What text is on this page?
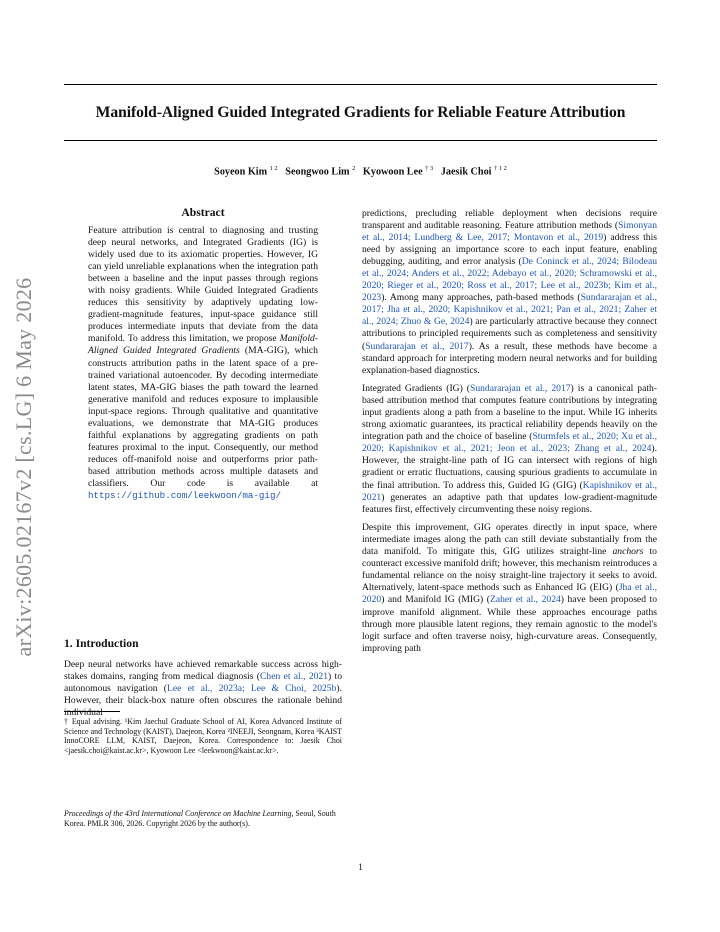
arXiv:2605.02167v2 [cs.LG] 6 May 2026
Manifold-Aligned Guided Integrated Gradients for Reliable Feature Attribution
Soyeon Kim $^{1 2}$ Seongwoo Lim $^2$ Kyowoon Lee $^{\dagger 3}$ Jaesik Choi $^{\dagger 1 2}$
Abstract
Feature attribution is central to diagnosing and trusting deep neural networks, and Integrated Gradients (IG) is widely used due to its axiomatic properties. However, IG can yield unreliable explanations when the integration path between a baseline and the input passes through regions with noisy gradients. While Guided Integrated Gradients reduces this sensitivity by adaptively updating low-gradient-magnitude features, input-space guidance still produces intermediate inputs that deviate from the data manifold. To address this limitation, we propose Manifold-Aligned Guided Integrated Gradients (MA-GIG), which constructs attribution paths in the latent space of a pre-trained variational autoencoder. By decoding intermediate latent states, MA-GIG biases the path toward the learned generative manifold and reduces exposure to implausible input-space regions. Through qualitative and quantitative evaluations, we demonstrate that MA-GIG produces faithful explanations by aggregating gradients on path features proximal to the input. Consequently, our method reduces off-manifold noise and outperforms prior path-based attribution methods across multiple datasets and classifiers. Our code is available at https://github.com/leekwoon/ma-gig/
1. Introduction
Deep neural networks have achieved remarkable success across high-stakes domains, ranging from medical diagnosis (Chen et al., 2021) to autonomous navigation (Lee et al., 2023a; Lee & Choi, 2025b). However, their black-box nature often obscures the rationale behind individual
† Equal advising. ¹Kim Jaechul Graduate School of AI, Korea Advanced Institute of Science and Technology (KAIST), Daejeon, Korea ²INEEJI, Seongnam, Korea ³KAIST InnoCORE LLM, KAIST, Daejeon, Korea. Correspondence to: Jaesik Choi <jaesik.choi@kaist.ac.kr>, Kyowoon Lee <leekwoon@kaist.ac.kr>.
Proceedings of the 43rd International Conference on Machine Learning, Seoul, South Korea. PMLR 306, 2026. Copyright 2026 by the author(s).

predictions, precluding reliable deployment when decisions require transparent and auditable reasoning. Feature attribution methods (Simonyan et al., 2014; Lundberg & Lee, 2017; Montavon et al., 2019) address this need by assigning an importance score to each input feature, enabling debugging, auditing, and error analysis (De Coninck et al., 2024; Bilodeau et al., 2024; Anders et al., 2022; Adebayo et al., 2020; Schramowski et al., 2020; Rieger et al., 2020; Ross et al., 2017; Lee et al., 2023b; Kim et al., 2023). Among many approaches, path-based methods (Sundararajan et al., 2017; Jha et al., 2020; Kapishnikov et al., 2021; Pan et al., 2021; Zaher et al., 2024; Zhuo & Ge, 2024) are particularly attractive because they connect attributions to principled requirements such as completeness and sensitivity (Sundararajan et al., 2017). As a result, these methods have become a standard approach for interpreting modern neural networks and for building explanation-based diagnostics.

Integrated Gradients (IG) (Sundararajan et al., 2017) is a canonical path-based attribution method that computes feature contributions by integrating input gradients along a path from a baseline to the input. While IG inherits strong axiomatic guarantees, its practical reliability depends heavily on the integration path and the choice of baseline (Sturmfels et al., 2020; Xu et al., 2020; Kapishnikov et al., 2021; Jeon et al., 2023; Zhang et al., 2024). However, the straight-line path of IG can intersect with regions of high gradient or erratic fluctuations, causing spurious gradients to accumulate in the final attribution. To address this, Guided IG (GIG) (Kapishnikov et al., 2021) generates an adaptive path that updates low-gradient-magnitude features first, effectively circumventing these noisy regions.

Despite this improvement, GIG operates directly in input space, where intermediate images along the path can still deviate substantially from the data manifold. To mitigate this, GIG utilizes straight-line anchors to counteract excessive manifold drift; however, this mechanism reintroduces a fundamental reliance on the noisy straight-line trajectory it seeks to avoid. Alternatively, latent-space methods such as Enhanced IG (EIG) (Jha et al., 2020) and Manifold IG (MIG) (Zaher et al., 2024) have been proposed to improve manifold alignment. While these approaches encourage paths through more plausible latent regions, they remain agnostic to the model's logit surface and often traverse noisy, high-curvature areas. Consequently, improving path

1
